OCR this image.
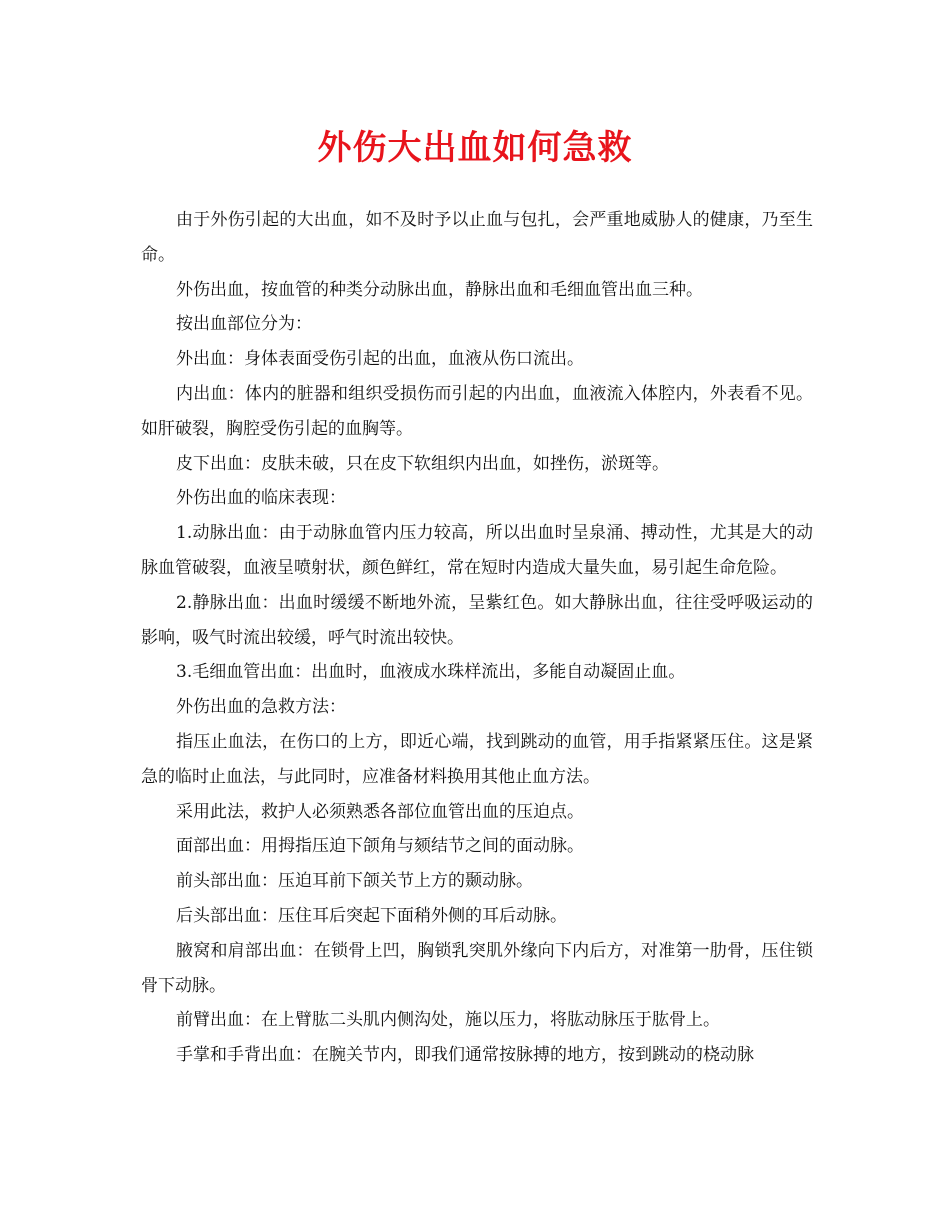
外伤大出血如何急救

由于外伤引起的大出血，如不及时予以止血与包扎，会严重地威胁人的健康，乃至生命。

外伤出血，按血管的种类分动脉出血，静脉出血和毛细血管出血三种。

按出血部位分为：

外出血：身体表面受伤引起的出血，血液从伤口流出。

内出血：体内的脏器和组织受损伤而引起的内出血，血液流入体腔内，外表看不见。如肝破裂，胸腔受伤引起的血胸等。

皮下出血：皮肤未破，只在皮下软组织内出血，如挫伤，淤斑等。

外伤出血的临床表现：

1.动脉出血：由于动脉血管内压力较高，所以出血时呈泉涌、搏动性，尤其是大的动脉血管破裂，血液呈喷射状，颜色鲜红，常在短时内造成大量失血，易引起生命危险。

2.静脉出血：出血时缓缓不断地外流，呈紫红色。如大静脉出血，往往受呼吸运动的影响，吸气时流出较缓，呼气时流出较快。

3.毛细血管出血：出血时，血液成水珠样流出，多能自动凝固止血。

外伤出血的急救方法：

指压止血法，在伤口的上方，即近心端，找到跳动的血管，用手指紧紧压住。这是紧急的临时止血法，与此同时，应准备材料换用其他止血方法。

采用此法，救护人必须熟悉各部位血管出血的压迫点。

面部出血：用拇指压迫下颌角与颏结节之间的面动脉。

前头部出血：压迫耳前下颌关节上方的颞动脉。

后头部出血：压住耳后突起下面稍外侧的耳后动脉。

腋窝和肩部出血：在锁骨上凹，胸锁乳突肌外缘向下内后方，对准第一肋骨，压住锁骨下动脉。

前臂出血：在上臂肱二头肌内侧沟处，施以压力，将肱动脉压于肱骨上。

手掌和手背出血：在腕关节内，即我们通常按脉搏的地方，按到跳动的桡动脉
